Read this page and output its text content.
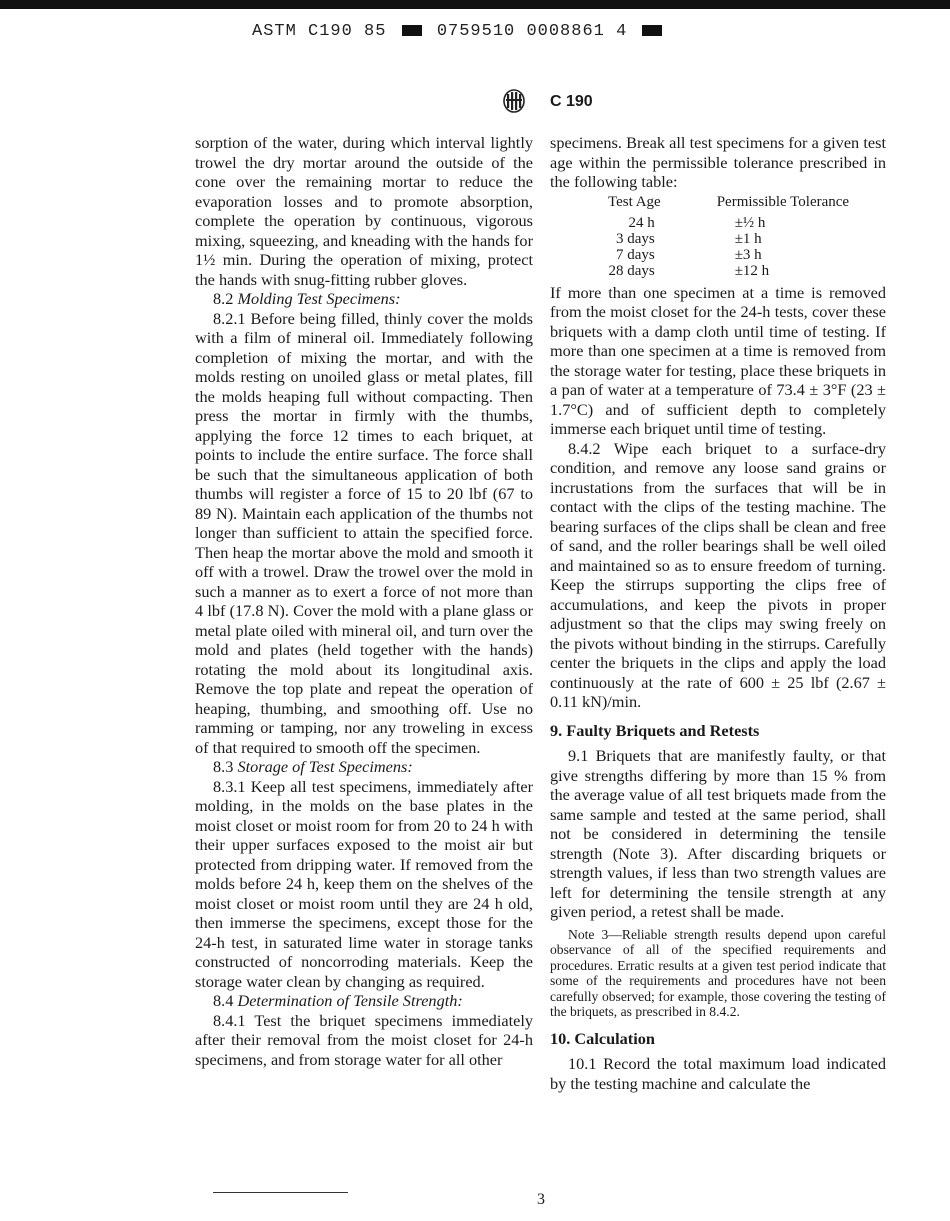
ASTM C190 85	0759510 0008861 4
C 190

sorption of the water, during which interval lightly trowel the dry mortar around the outside of the cone over the remaining mortar to reduce the evaporation losses and to promote absorption, complete the operation by continuous, vigorous mixing, squeezing, and kneading with the hands for 1½ min. During the operation of mixing, protect the hands with snug-fitting rubber gloves.

8.2 Molding Test Specimens:

8.2.1 Before being filled, thinly cover the molds with a film of mineral oil. Immediately following completion of mixing the mortar, and with the molds resting on unoiled glass or metal plates, fill the molds heaping full without compacting. Then press the mortar in firmly with the thumbs, applying the force 12 times to each briquet, at points to include the entire surface. The force shall be such that the simultaneous application of both thumbs will register a force of 15 to 20 lbf (67 to 89 N). Maintain each application of the thumbs not longer than sufficient to attain the specified force. Then heap the mortar above the mold and smooth it off with a trowel. Draw the trowel over the mold in such a manner as to exert a force of not more than 4 lbf (17.8 N). Cover the mold with a plane glass or metal plate oiled with mineral oil, and turn over the mold and plates (held together with the hands) rotating the mold about its longitudinal axis. Remove the top plate and repeat the operation of heaping, thumbing, and smoothing off. Use no ramming or tamping, nor any troweling in excess of that required to smooth off the specimen.

8.3 Storage of Test Specimens:

8.3.1 Keep all test specimens, immediately after molding, in the molds on the base plates in the moist closet or moist room for from 20 to 24 h with their upper surfaces exposed to the moist air but protected from dripping water. If removed from the molds before 24 h, keep them on the shelves of the moist closet or moist room until they are 24 h old, then immerse the specimens, except those for the 24-h test, in saturated lime water in storage tanks constructed of noncorroding materials. Keep the storage water clean by changing as required.

8.4 Determination of Tensile Strength:

8.4.1 Test the briquet specimens immediately after their removal from the moist closet for 24-h specimens, and from storage water for all other

specimens. Break all test specimens for a given test age within the permissible tolerance prescribed in the following table:

Test Age	Permissible Tolerance
24 h	±½ h
3 days	±1 h
7 days	±3 h
28 days	±12 h

If more than one specimen at a time is removed from the moist closet for the 24-h tests, cover these briquets with a damp cloth until time of testing. If more than one specimen at a time is removed from the storage water for testing, place these briquets in a pan of water at a temperature of 73.4 ± 3°F (23 ± 1.7°C) and of sufficient depth to completely immerse each briquet until time of testing.

8.4.2 Wipe each briquet to a surface-dry condition, and remove any loose sand grains or incrustations from the surfaces that will be in contact with the clips of the testing machine. The bearing surfaces of the clips shall be clean and free of sand, and the roller bearings shall be well oiled and maintained so as to ensure freedom of turning. Keep the stirrups supporting the clips free of accumulations, and keep the pivots in proper adjustment so that the clips may swing freely on the pivots without binding in the stirrups. Carefully center the briquets in the clips and apply the load continuously at the rate of 600 ± 25 lbf (2.67 ± 0.11 kN)/min.

9. Faulty Briquets and Retests

9.1 Briquets that are manifestly faulty, or that give strengths differing by more than 15 % from the average value of all test briquets made from the same sample and tested at the same period, shall not be considered in determining the tensile strength (Note 3). After discarding briquets or strength values, if less than two strength values are left for determining the tensile strength at any given period, a retest shall be made.

Note 3—Reliable strength results depend upon careful observance of all of the specified requirements and procedures. Erratic results at a given test period indicate that some of the requirements and procedures have not been carefully observed; for example, those covering the testing of the briquets, as prescribed in 8.4.2.

10. Calculation

10.1 Record the total maximum load indicated by the testing machine and calculate the

3
